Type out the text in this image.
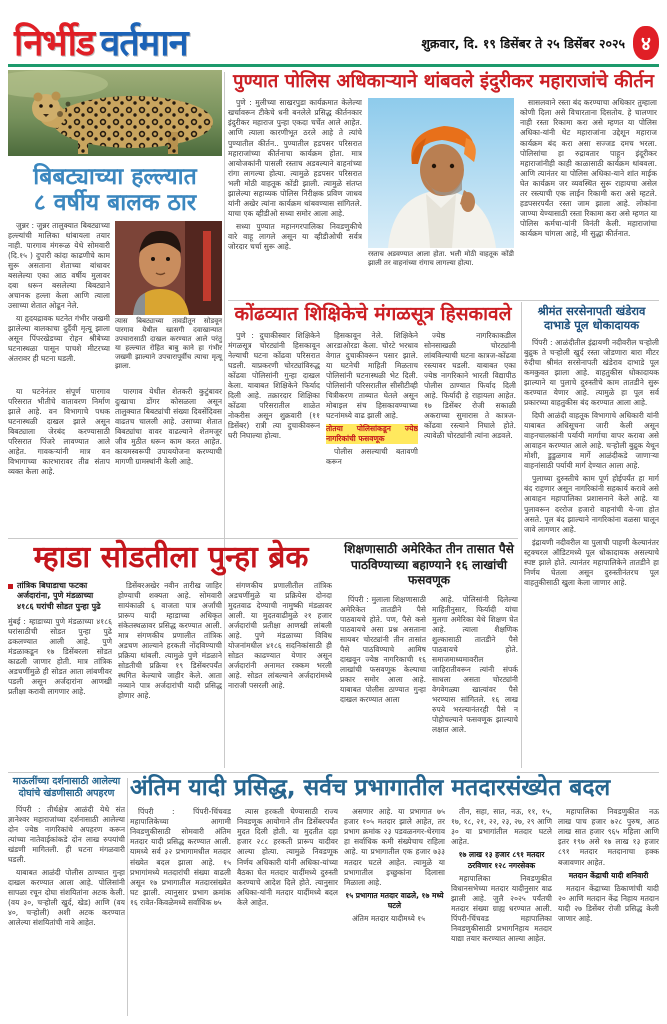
निर्भीड वर्तमान	शुक्रवार, दि. १९ डिसेंबर ते २५ डिसेंबर २०२५ ४
बिबट्याच्या हल्ल्यात
८ वर्षीय बालक ठार

जुन्नर : जुन्नर तालुक्यात बिबट्याच्या हल्ल्यांची मालिका थांबायला तयार नाही. पारगाव मंगरूळ येथे सोमवारी (दि.१५ ) दुपारी कांदा काढणीचे काम सुरू असताना शेताच्या बांधावर बसलेल्या एका आठ वर्षीय मुलावर दबा धरून बसलेल्या बिबट्याने अचानक हल्ला केला आणि त्याला उसाच्या शेतात ओढून नेले.

या हृदयद्रावक घटनेत गंभीर जखमी झालेल्या बालकाचा दुर्दैवी मृत्यू झाला असून पिंपरखेडच्या रोहन श्रीबेच्या घटनास्थळा पासून पाचशे मीटरच्या अंतरावर ही घटना घडली.

त्यास बिबट्याच्या तावडीतून सोडवून पारगाव येथील खासगी दवाखान्यात उपचारासाठी दाखल करण्यात आले परंतु या हल्ल्यात रोहित बाबु काने हा गंभीर जखमी झाल्याने उपचारापूर्वीच त्याचा मृत्यू झाला.

या घटनेनंतर संपूर्ण पारगाव परिसरात भीतीचे वातावरण निर्माण झाले आहे. वन विभागाचे पथक घटनास्थळी दाखल झाले असून बिबट्याला जेरबंद करण्यासाठी परिसरात पिंजरे लावण्यात आले आहेत. गावकऱ्यांनी मात्र वन विभागाच्या कारभारावर तीव्र संताप व्यक्त केला आहे.

पारगाव येथील शेतकरी कुटुंबावर दुःखाचा डोंगर कोसळला असून तालुक्यात बिबट्यांची संख्या दिवसेंदिवस वाढतच चालली आहे. उसाच्या शेतात बिबट्यांचा वावर वाढल्याने शेतमजूर जीव मुठीत धरून काम करत आहेत. कायमस्वरूपी उपाययोजना करण्याची मागणी ग्रामस्थांनी केली आहे.

पुण्यात पोलिस अधिकाऱ्याने थांबवले इंदुरीकर महाराजांचे कीर्तन

पुणे : मुलीच्या साखरपुडा कार्यक्रमात केलेल्या खर्चावरून टीकेचे धनी बनलेले प्रसिद्ध कीर्तनकार इंदुरीकर महाराज पुन्हा एकदा चर्चेत आले आहेत. आणि त्याला कारणीभूत ठरले आहे ते त्यांचे पुण्यातील कीर्तन.. पुण्यातील हडपसर परिसरात महाराजांच्या कीर्तनाचा कार्यक्रम होता. मात्र आयोजकांनी पासली रस्ताच अडवल्याने वाहनांच्या रांगा लागल्या होत्या. त्यामुळे हडपसर परिसरात भली मोठी वाहतूक कोंडी झाली. त्यामुळे संतप्त झालेल्या सहाय्यक पोलिस निरीक्षक प्रविण जाधव यांनी अखेर त्यांना कार्यक्रम थांबवण्यास सांगितले. याचा एक व्हीडीओ सध्या समोर आला आहे.

सध्या पुण्यात महानगरपालिका निवडणुकीचे वारे वाहू लागले असून या व्हीडीओची सर्वत्र जोरदार चर्चा सुरू आहे.

रस्ताच अडवण्यात आला होता. भली मोठी वाहतूक कोंडी झाली तर वाहनांच्या रांगाच लागल्या होत्या.

सासलवाने रस्ता बंद करण्याचा अधिकार तुम्हाला कोणी दिला असे विचारताना दिसतोय. हे चालणार नाही रस्ता रिकामा करा असे म्हणत या पोलिस अधिका-यांनी थेट महाराजांना उद्देशून महाराज कार्यक्रम बंद करा असा सज्जड दमच भरला. पोलिसांचा हा रुद्रावतार पाहून इंदूरीकर महाराजांनीही काही काळासाठी कार्यक्रम थांबवला. आणि त्यानंतर या पोलिस अधिका-याने शांत माईक घेत कार्यक्रम जर व्यवस्थित सुरू राहायचा असेल तर रस्त्याची एक लाईन रिकामी करा असे म्हटले. हडपसरपर्यंत रस्ता जाम झाला आहे. लोकांना जाण्या येण्यासाठी रस्ता रिकामा करा असे म्हणत या पोलिस कर्मचा-यांनी विनंती केली. महाराजांचा कार्यक्रम चांगला आहे, मी सुद्धा कीर्तनात.

कोंढव्यात शिक्षिकेचे मंगळसूत्र हिसकावले

पुणे : दुचाकीस्वार शिक्षिकेने मंगळसूत्र चोरट्यांनी हिसकावून नेल्याची घटना कोंढवा परिसरात घडली. याप्रकरणी चोरट्यांविरुद्ध कोंढवा पोलिसांनी गुन्हा दाखल केला. याबाबत शिक्षिकेने फिर्याद दिली आहे. तक्रारदार शिक्षिका कोंढवा परिसरातील शाळेत नोकरीस असून शुक्रवारी (११ डिसेंबर) रात्री त्या दुचाकीवरून घरी निघाल्या होत्या.

हिसकावून नेले. शिक्षिकेने आरडाओरडा केला. चोरटे भरधाव वेगात दुचाकीवरून पसार झाले. या घटनेची माहिती मिळताच पोलिसांनी घटनास्थळी भेट दिली. पोलिसांनी परिसरातील सीसीटीव्ही चित्रीकरण ताब्यात घेतले असून मोबाइल संच हिसकावण्याच्या घटनांमध्ये वाढ झाली आहे.

तोतया पोलिसांकडून ज्येष्ठ नागरिकांची फसवणूक

पोलीस असल्याची बतावणी करून

ज्येष्ठ नागरिकाकडील सोनसाखळी चोरट्यांनी लांबविल्याची घटना कात्रज-कोंढवा रस्त्यावर घडली. याबाबत एका ज्येष्ठ नागरिकाने भारती विद्यापीठ पोलीस ठाण्यात फिर्याद दिली आहे. फिर्यादी हे राहायला आहेत. १७ डिसेंबर रोजी सकाळी अकराच्या सुमारास ते कात्रज-कोंढवा रस्त्याने निघाले होते. त्यावेळी चोरट्यांनी त्यांना अडवले.

श्रीमंत सरसेनापती खंडेराव
दाभाडे पूल धोकादायक

पिंपरी : आळंदीतील इंद्रायणी नदीवरील चऱ्होली बुद्रुक ते चऱ्होली खुर्द रस्ता जोडणारा बारा मीटर रुंदीचा श्रीमंत सरसेनापती खंडेराव दाभाडे पूल कमकुवत झाला आहे. वाहतुकीस धोकादायक झाल्याने या पुलाचे दुरुस्तीचे काम तातडीने सुरू करण्यात येणार आहे. त्यामुळे हा पूल सर्व प्रकारच्या वाहतुकीस बंद करण्यात आला आहे.

दिघी आळंदी वाहतूक विभागाचे अधिकारी यांनी याबाबत अधिसूचना जारी केली असून वाहनचालकांनी पर्यायी मार्गाचा वापर करावा असे आवाहन करण्यात आले आहे. चऱ्होली बुद्रुक येथून मोशी, डुडुळगाव मार्गे आळंदीकडे जाणाऱ्या वाहनांसाठी पर्यायी मार्ग देण्यात आला आहे.

पुलाच्या दुरुस्तीचे काम पूर्ण होईपर्यंत हा मार्ग बंद राहणार असून नागरिकांनी सहकार्य करावे असे आवाहन महापालिका प्रशासनाने केले आहे. या पुलावरून दररोज हजारो वाहनांची ये-जा होत असते. पूल बंद झाल्याने नागरिकांना वळसा घालून जावे लागणार आहे.

इंद्रायणी नदीवरील या पुलाची पाहणी केल्यानंतर स्ट्रक्चरल ऑडिटमध्ये पूल धोकादायक असल्याचे स्पष्ट झाले होते. त्यानंतर महापालिकेने तातडीने हा निर्णय घेतला असून दुरुस्तीनंतरच पूल वाहतुकीसाठी खुला केला जाणार आहे.

म्हाडा सोडतीला पुन्हा ब्रेक
तांत्रिक बिघाडाचा फटका अर्जदारांना, पुणे मंडळाच्या ४१८६ घरांची सोडत पुन्हा पुढे
मुंबई : म्हाडाच्या पुणे मंडळाच्या ४१८६ घरांसाठीची सोडत पुन्हा पुढे ढकलण्यात आली आहे. पुणे मंडळाकडून १७ डिसेंबरला सोडत काढली जाणार होती. मात्र तांत्रिक अडचणींमुळे ही सोडत आता लांबणीवर पडली असून अर्जदारांना आणखी प्रतीक्षा करावी लागणार आहे.

डिसेंबरअखेर नवीन तारीख जाहिर होण्याची शक्यता आहे. सोमवारी सायंकाळी ६ वाजता पात्र अर्जांची प्रारूप यादी म्हाडाच्या अधिकृत संकेतस्थळावर प्रसिद्ध करण्यात आली. मात्र संगणकीय प्रणालीत तांत्रिक अडचण आल्याने हरकती नोंदविण्याची प्रक्रिया थांबली. त्यामुळे पुणे मंडळाने सोडतीची प्रक्रिया १९ डिसेंबरपर्यंत स्थगित केल्याचे जाहीर केले. आता नव्याने पात्र अर्जदारांची यादी प्रसिद्ध होणार आहे.

संगणकीय प्रणालीतील तांत्रिक अडचणींमुळे या प्रक्रियेस दोनदा मुदतवाढ देण्याची नामुष्की मंडळावर आली. या मुदतवाढीमुळे २१ हजार अर्जदारांची प्रतीक्षा आणखी लांबली आहे. पुणे मंडळाच्या विविध योजनांमधील ४१८६ सदनिकांसाठी ही सोडत काढण्यात येणार असून अर्जदारांनी अनामत रक्कम भरली आहे. सोडत लांबल्याने अर्जदारांमध्ये नाराजी पसरली आहे.

शिक्षणासाठी अमेरिकेत तीन तासात पैसे
पाठविण्याच्या बहाण्याने १६ लाखांची फसवणूक

पिंपरी : मुलाला शिक्षणासाठी अमेरिकेत तातडीने पैसे पाठवायचे होते. पण, पैसे कसे पाठवायचे असा प्रश्न असताना सायबर चोरट्यांनी तीन तासांत पैसे पाठविण्याचे आमिष दाखवून ज्येष्ठ नागरिकाची १६ लाखांची फसवणूक केल्याचा प्रकार समोर आला आहे. याबाबत पोलीस ठाण्यात गुन्हा दाखल करण्यात आला

आहे. पोलिसांनी दिलेल्या माहितीनुसार, फिर्यादी यांचा मुलगा अमेरिका येथे शिक्षण घेत आहे. त्याला शैक्षणिक शुल्कासाठी तातडीने पैसे पाठवायचे होते. समाजमाध्यमावरील जाहिरातीवरून त्यांनी संपर्क साधला असता चोरट्यांनी वेगवेगळ्या खात्यांवर पैसे भरण्यास सांगितले. १६ लाख रुपये भरल्यानंतरही पैसे न पोहोचल्याने फसवणूक झाल्याचे लक्षात आले.

माऊलींच्या दर्शनासाठी आलेल्या
दोघांचे खंडणीसाठी अपहरण

पिंपरी : तीर्थक्षेत्र आळंदी येथे संत ज्ञानेश्वर महाराजांच्या दर्शनासाठी आलेल्या दोन ज्येष्ठ नागरिकांचे अपहरण करून त्यांच्या नातेवाईकांकडे दोन लाख रुपयांची खंडणी मागितली. ही घटना मंगळवारी घडली.

याबाबत आळंदी पोलीस ठाण्यात गुन्हा दाखल करण्यात आला आहे. पोलिसांनी सापळा रचून दोघा संशयितांना अटक केली. (वय ३०, चऱ्होली खुर्द, खेड) आणि (वय ४०, चऱ्होली) अशी अटक करण्यात आलेल्या संशयितांची नावे आहेत.

अंतिम यादी प्रसिद्ध, सर्वच प्रभागातील मतदारसंख्येत बदल

पिंपरी : पिंपरी-चिंचवड महापालिकेच्या आगामी निवडणुकीसाठी सोमवारी अंतिम मतदार यादी प्रसिद्ध करण्यात आली. यामध्ये सर्व ३२ प्रभागामधील मतदार संख्येत बदल झाला आहे. १५ प्रभागांमध्ये मतदारांची संख्या वाढली असून १७ प्रभागातील मतदारसंख्येत घट झाली. त्यानुसार प्रभाग क्रमांक १६ रावेत-किवळेमध्ये सर्वाधिक ७५

त्यास हरकती घेण्यासाठी राज्य निवडणूक आयोगाने तीन डिसेंबरपर्यंत मुदत दिली होती. या मुदतीत दहा हजार २८८ हरकती प्रारूप यादीवर आल्या होत्या. त्यामुळे निवडणूक निर्णय अधिकारी यांनी अधिका-यांच्या बैठका घेत मतदार यादींमध्ये दुरुस्ती करण्याचे आदेश दिले होते. त्यानुसार अधिका-यांनी मतदार यादींमध्ये बदल केले आहेत.

असणार आहे. या प्रभागात ७५ हजार १०५ मतदार झाले आहेत, तर प्रभाग क्रमांक २३ पडवळनगर-थेरगाव हा सर्वाधिक कमी संख्येचाच राहिला आहे. या प्रभागातील एक हजार ७३३ मतदार घटले आहेत. त्यामुळे या प्रभागातील इच्छुकांना दिलासा मिळाला आहे.

१५ प्रभागात मतदार वाढले, १७ मध्ये घटले

अंतिम मतदार यादीमध्ये १५

तीन, सहा, सात, नऊ, ११, १५, १७, १८, २१, २२, २३, २७, २९ आणि ३० या प्रभागांतील मतदार घटले आहेत.

१७ लाख १३ हजार ८९१ मतदार ठरविणार १२८ नगरसेवक

महापालिका निवडणुकीत विधानसभेच्या मतदार यादीनुसार वाढ झाली आहे. जुलै २०२५ पर्यंतची मतदार संख्या ग्राह्य धरण्यात आली. पिंपरी-चिंचवड महापालिका निवडणुकीसाठी प्रभागनिहाय मतदार याद्या तयार करण्यात आल्या आहेत.

महापालिका निवडणुकीत नऊ लाख पाच हजार ७२८ पुरुष, आठ लाख सात हजार ९६५ महिला आणि इतर १९७ असे १७ लाख १३ हजार ८९१ मतदार मतदानाचा हक्क बजावणार आहेत.

मतदान केंद्राची यादी शनिवारी

मतदान केंद्राच्या ठिकाणांची यादी २० आणि मतदान केंद्र निहाय मतदान यादी २७ डिसेंबर रोजी प्रसिद्ध केली जाणार आहे.
